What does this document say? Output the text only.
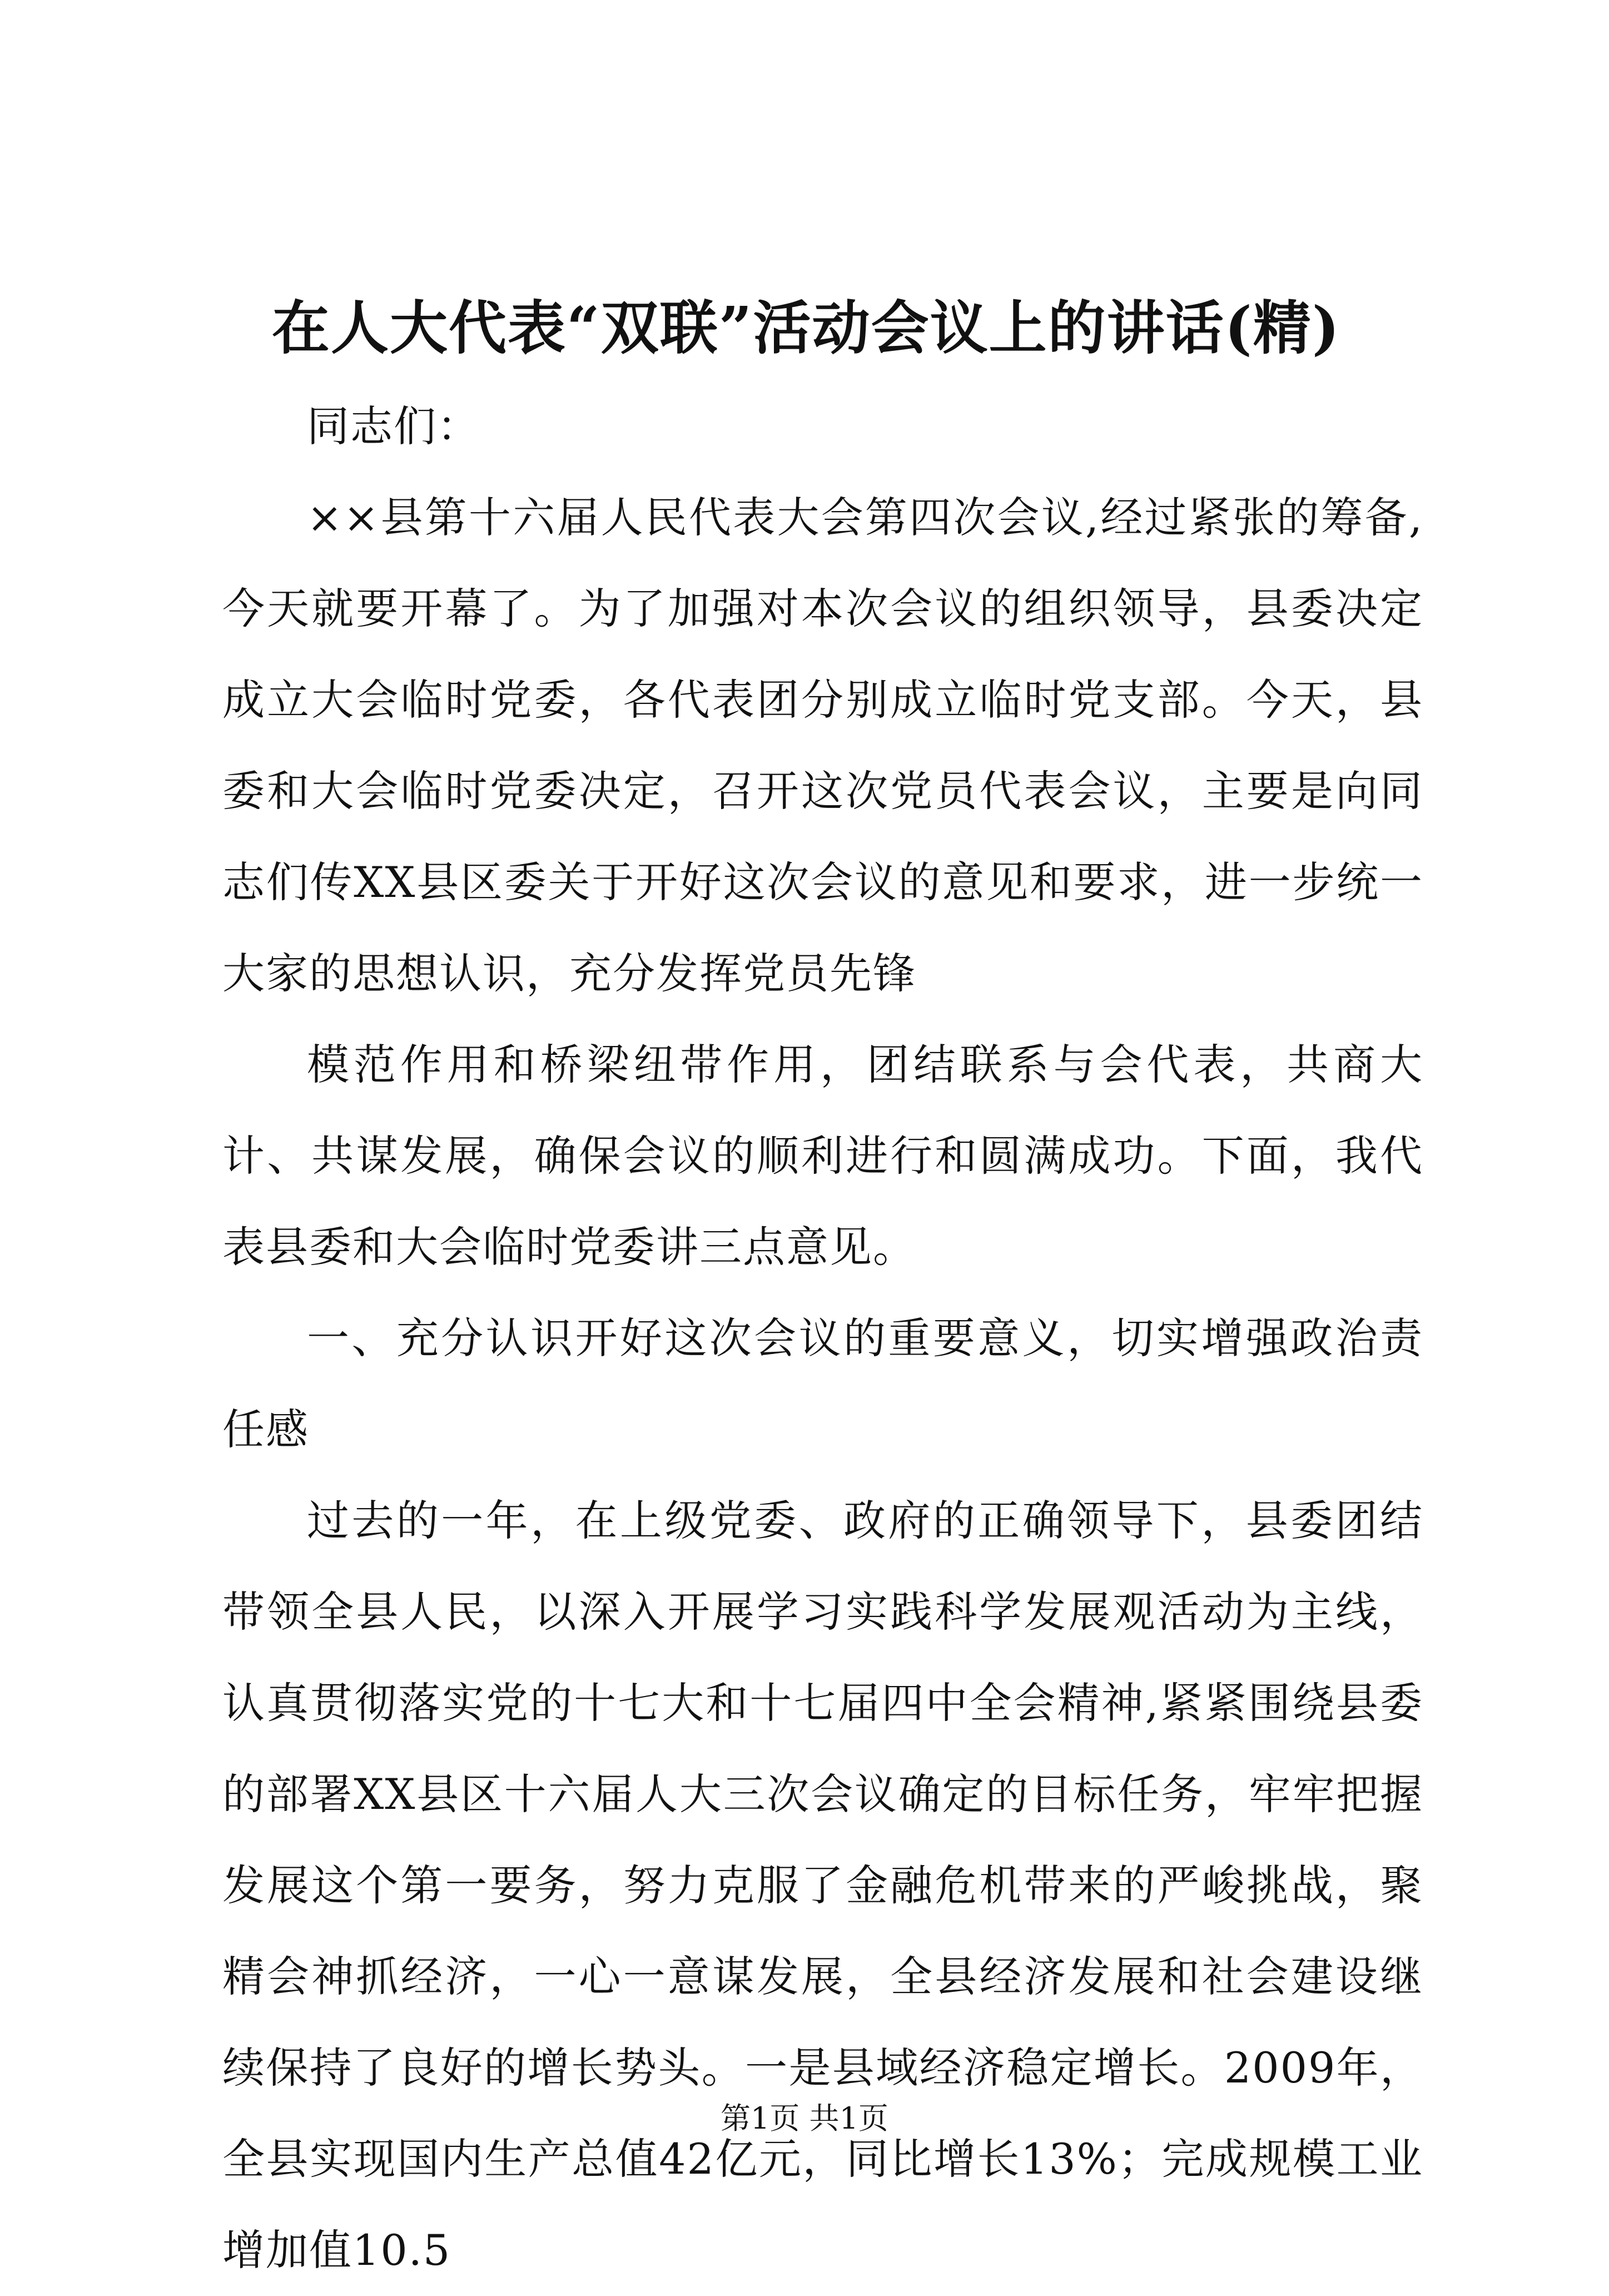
在人大代表“双联”活动会议上的讲话(精)

同志们：

××县第十六届人民代表大会第四次会议,经过紧张的筹备,今天就要开幕了。为了加强对本次会议的组织领导，县委决定成立大会临时党委，各代表团分别成立临时党支部。今天，县委和大会临时党委决定，召开这次党员代表会议，主要是向同志们传XX县区委关于开好这次会议的意见和要求，进一步统一大家的思想认识，充分发挥党员先锋

模范作用和桥梁纽带作用，团结联系与会代表，共商大计、共谋发展，确保会议的顺利进行和圆满成功。下面，我代表县委和大会临时党委讲三点意见。

一、充分认识开好这次会议的重要意义，切实增强政治责任感

过去的一年，在上级党委、政府的正确领导下，县委团结带领全县人民，以深入开展学习实践科学发展观活动为主线，认真贯彻落实党的十七大和十七届四中全会精神,紧紧围绕县委的部署XX县区十六届人大三次会议确定的目标任务，牢牢把握发展这个第一要务，努力克服了金融危机带来的严峻挑战，聚精会神抓经济，一心一意谋发展，全县经济发展和社会建设继续保持了良好的增长势头。一是县域经济稳定增长。2009年，全县实现国内生产总值42亿元，同比增长13%；完成规模工业增加值10.5

第1页 共1页
